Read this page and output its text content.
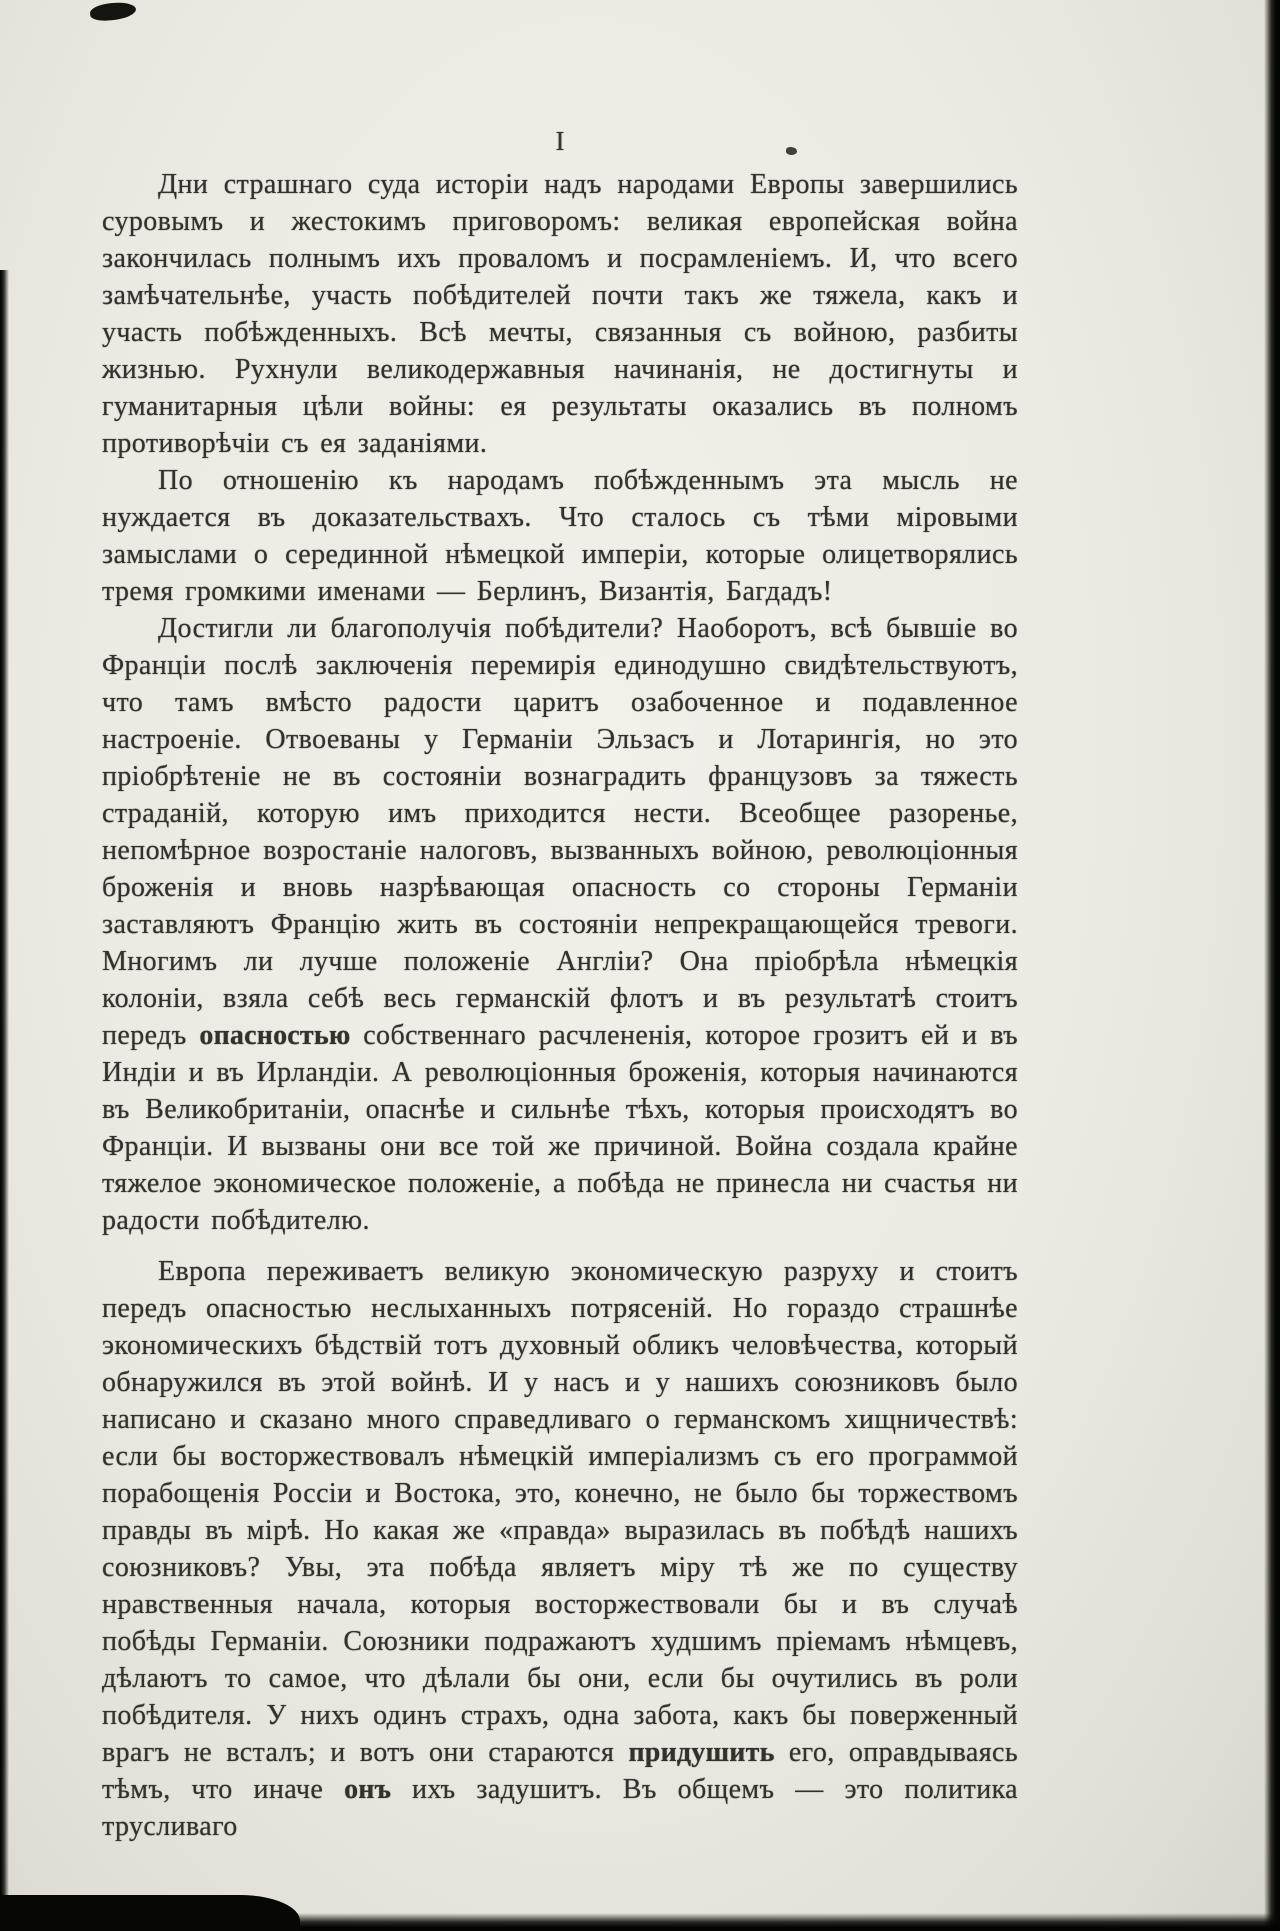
I

Дни страшнаго суда исторіи надъ народами Европы завершились суровымъ и жестокимъ приговоромъ: великая европейская война закончилась полнымъ ихъ проваломъ и посрамленіемъ. И, что всего замѣчательнѣе, участь побѣдителей почти такъ же тяжела, какъ и участь побѣжденныхъ. Всѣ мечты, связанныя съ войною, разбиты жизнью. Рухнули великодержавныя начинанія, не достигнуты и гуманитарныя цѣли войны: ея результаты оказались въ полномъ противорѣчіи съ ея заданіями.

По отношенію къ народамъ побѣжденнымъ эта мысль не нуждается въ доказательствахъ. Что сталось съ тѣми міровыми замыслами о серединной нѣмецкой имперіи, которые олицетворялись тремя громкими именами — Берлинъ, Византія, Багдадъ!

Достигли ли благополучія побѣдители? Наоборотъ, всѣ бывшіе во Франціи послѣ заключенія перемирія единодушно свидѣтельствуютъ, что тамъ вмѣсто радости царитъ озабоченное и подавленное настроеніе. Отвоеваны у Германіи Эльзасъ и Лотарингія, но это пріобрѣтеніе не въ состояніи вознаградить французовъ за тяжесть страданій, которую имъ приходится нести. Всеобщее разоренье, непомѣрное возростаніе налоговъ, вызванныхъ войною, революціонныя броженія и вновь назрѣвающая опасность со стороны Германіи заставляютъ Францію жить въ состояніи непрекращающейся тревоги. Многимъ ли лучше положеніе Англіи? Она пріобрѣла нѣмецкія колоніи, взяла себѣ весь германскій флотъ и въ результатѣ стоитъ передъ опасностью собственнаго расчлененія, которое грозитъ ей и въ Индіи и въ Ирландіи. А революціонныя броженія, которыя начинаются въ Великобританіи, опаснѣе и сильнѣе тѣхъ, которыя происходятъ во Франціи. И вызваны они все той же причиной. Война создала крайне тяжелое экономическое положеніе, а побѣда не принесла ни счастья ни радости побѣдителю.

Европа переживаетъ великую экономическую разруху и стоитъ передъ опасностью неслыханныхъ потрясеній. Но гораздо страшнѣе экономическихъ бѣдствій тотъ духовный обликъ человѣчества, который обнаружился въ этой войнѣ. И у насъ и у нашихъ союзниковъ было написано и сказано много справедливаго о германскомъ хищничествѣ: если бы восторжествовалъ нѣмецкій имперіализмъ съ его программой порабощенія Россіи и Востока, это, конечно, не было бы торжествомъ правды въ мірѣ. Но какая же «правда» выразилась въ побѣдѣ нашихъ союзниковъ? Увы, эта побѣда являетъ міру тѣ же по существу нравственныя начала, которыя восторжествовали бы и въ случаѣ побѣды Германіи. Союзники подражаютъ худшимъ пріемамъ нѣмцевъ, дѣлаютъ то самое, что дѣлали бы они, если бы очутились въ роли побѣдителя. У нихъ одинъ страхъ, одна забота, какъ бы поверженный врагъ не всталъ; и вотъ они стараются придушить его, оправдываясь тѣмъ, что иначе онъ ихъ задушитъ. Въ общемъ — это политика трусливаго
